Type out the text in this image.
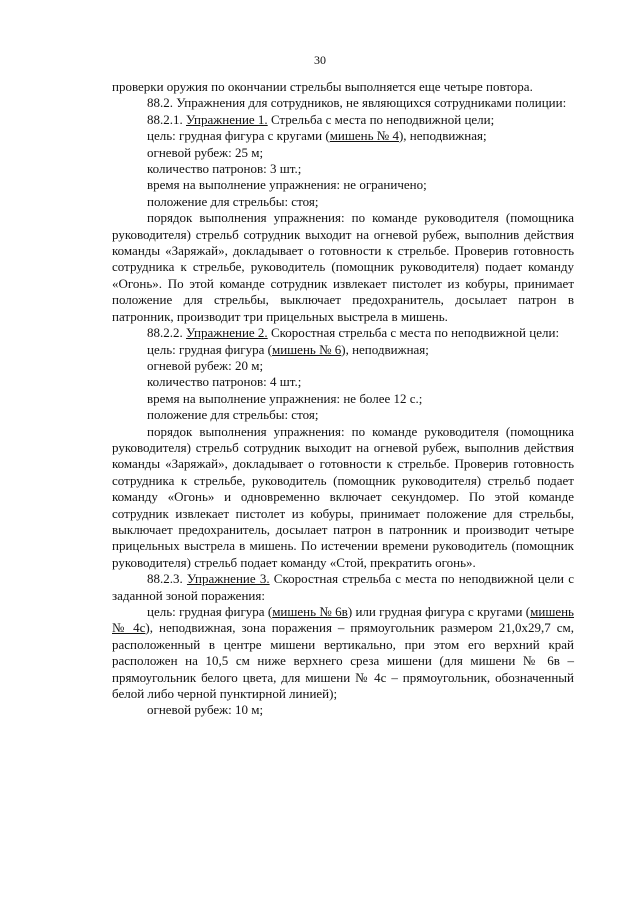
30

проверки оружия по окончании стрельбы выполняется еще четыре повтора.

88.2. Упражнения для сотрудников, не являющихся сотрудниками полиции:

88.2.1. Упражнение 1. Стрельба с места по неподвижной цели;

цель: грудная фигура с кругами (мишень № 4), неподвижная;

огневой рубеж: 25 м;

количество патронов: 3 шт.;

время на выполнение упражнения: не ограничено;

положение для стрельбы: стоя;

порядок выполнения упражнения: по команде руководителя (помощника руководителя) стрельб сотрудник выходит на огневой рубеж, выполнив действия команды «Заряжай», докладывает о готовности к стрельбе. Проверив готовность сотрудника к стрельбе, руководитель (помощник руководителя) подает команду «Огонь». По этой команде сотрудник извлекает пистолет из кобуры, принимает положение для стрельбы, выключает предохранитель, досылает патрон в патронник, производит три прицельных выстрела в мишень.

88.2.2. Упражнение 2. Скоростная стрельба с места по неподвижной цели:

цель: грудная фигура (мишень № 6), неподвижная;

огневой рубеж: 20 м;

количество патронов: 4 шт.;

время на выполнение упражнения: не более 12 с.;

положение для стрельбы: стоя;

порядок выполнения упражнения: по команде руководителя (помощника руководителя) стрельб сотрудник выходит на огневой рубеж, выполнив действия команды «Заряжай», докладывает о готовности к стрельбе. Проверив готовность сотрудника к стрельбе, руководитель (помощник руководителя) стрельб подает команду «Огонь» и одновременно включает секундомер. По этой команде сотрудник извлекает пистолет из кобуры, принимает положение для стрельбы, выключает предохранитель, досылает патрон в патронник и производит четыре прицельных выстрела в мишень. По истечении времени руководитель (помощник руководителя) стрельб подает команду «Стой, прекратить огонь».

88.2.3. Упражнение 3. Скоростная стрельба с места по неподвижной цели с заданной зоной поражения:

цель: грудная фигура (мишень № 6в) или грудная фигура с кругами (мишень № 4с), неподвижная, зона поражения – прямоугольник размером 21,0х29,7 см, расположенный в центре мишени вертикально, при этом его верхний край расположен на 10,5 см ниже верхнего среза мишени (для мишени № 6в – прямоугольник белого цвета, для мишени № 4с – прямоугольник, обозначенный белой либо черной пунктирной линией);

огневой рубеж: 10 м;
